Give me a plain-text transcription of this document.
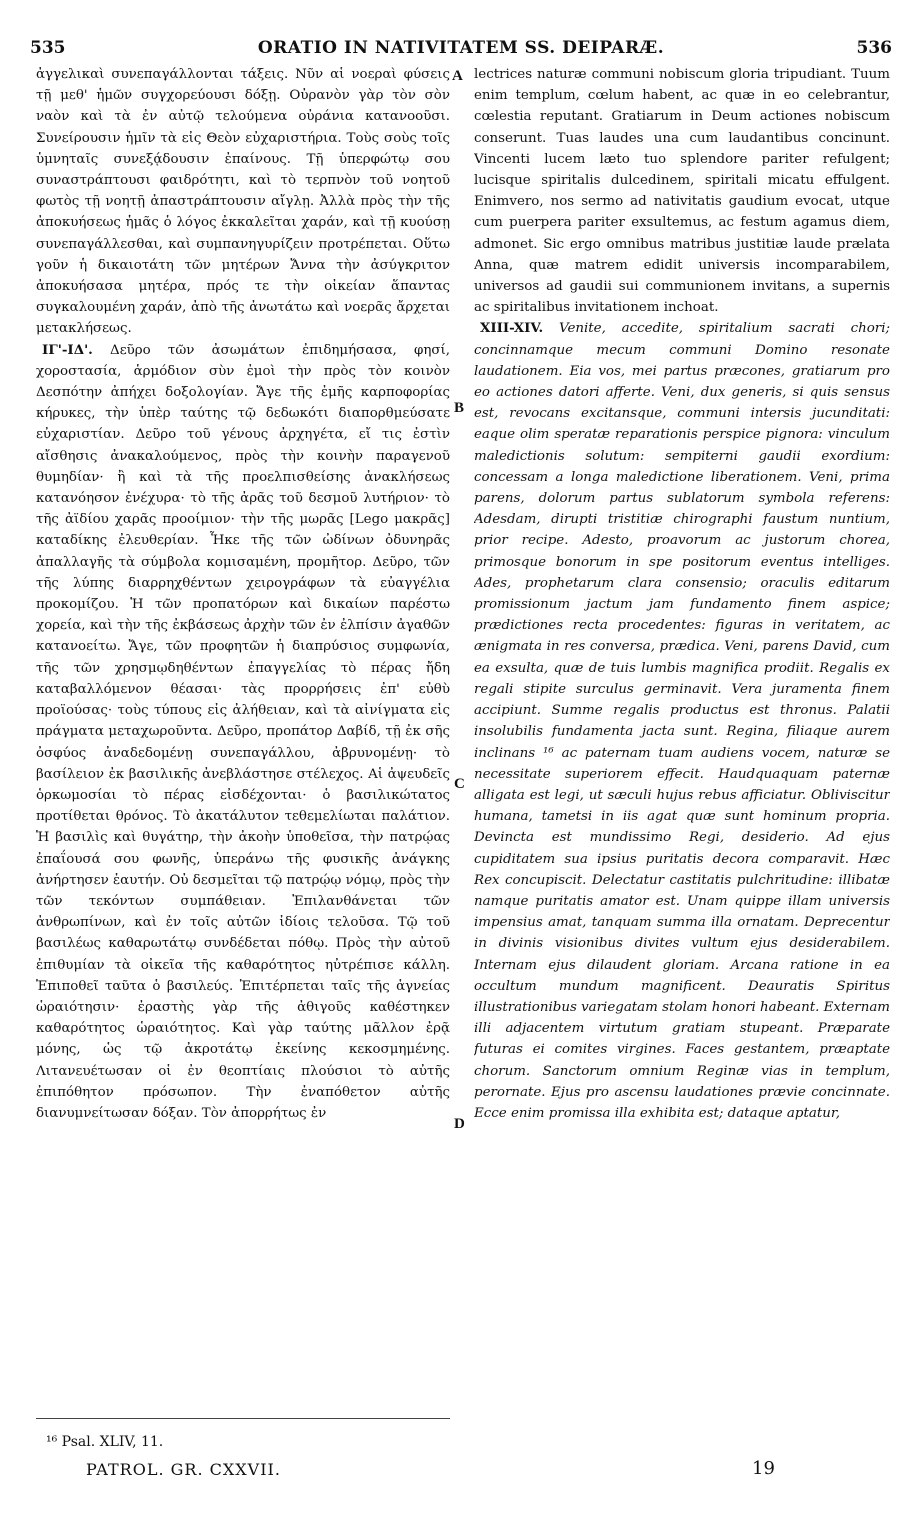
535	ORATIO IN NATIVITATEM SS. DEIPARÆ.	536

ἀγγελικαὶ συνεπαγάλλονται τάξεις. Νῦν αἱ νοεραὶ φύσεις τῇ μεθ' ἡμῶν συγχορεύουσι δόξῃ. Οὐρανὸν γὰρ τὸν σὸν ναὸν καὶ τὰ ἐν αὐτῷ τελούμενα οὐράνια κατανοοῦσι. Συνείρουσιν ἡμῖν τὰ εἰς Θεὸν εὐχαριστήρια. Τοὺς σοὺς τοῖς ὑμνηταῖς συνεξᾴδουσιν ἐπαίνους. Τῇ ὑπερφώτῳ σου συναστράπτουσι φαιδρότητι, καὶ τὸ τερπνὸν τοῦ νοητοῦ φωτὸς τῇ νοητῇ ἀπαστράπτουσιν αἴγλῃ. Ἀλλὰ πρὸς τὴν τῆς ἀποκυήσεως ἡμᾶς ὁ λόγος ἐκκαλεῖται χαράν, καὶ τῇ κυούσῃ συνεπαγάλλεσθαι, καὶ συμπανηγυρίζειν προτρέπεται. Οὕτω γοῦν ἡ δικαιοτάτη τῶν μητέρων Ἄννα τὴν ἀσύγκριτον ἀποκυήσασα μητέρα, πρός τε τὴν οἰκείαν ἅπαντας συγκαλουμένη χαράν, ἀπὸ τῆς ἀνωτάτω καὶ νοερᾶς ἄρχεται μετακλήσεως.

ΙΓ'-ΙΔ'. Δεῦρο τῶν ἀσωμάτων ἐπιδημήσασα, φησί, χοροστασία, ἁρμόδιον σὺν ἐμοὶ τὴν πρὸς τὸν κοινὸν Δεσπότην ἀπήχει δοξολογίαν. Ἄγε τῆς ἐμῆς καρποφορίας κήρυκες, τὴν ὑπὲρ ταύτης τῷ δεδωκότι διαπορθμεύσατε εὐχαριστίαν. Δεῦρο τοῦ γένους ἀρχηγέτα, εἴ τις ἐστὶν αἴσθησις ἀνακαλούμενος, πρὸς τὴν κοινὴν παραγενοῦ θυμηδίαν· ἢ καὶ τὰ τῆς προελπισθείσης ἀνακλήσεως κατανόησον ἐνέχυρα· τὸ τῆς ἀρᾶς τοῦ δεσμοῦ λυτήριον· τὸ τῆς ἀϊδίου χαρᾶς προοίμιον· τὴν τῆς μωρᾶς [Lego μακρᾶς] καταδίκης ἐλευθερίαν. Ἧκε τῆς τῶν ὠδίνων ὀδυνηρᾶς ἀπαλλαγῆς τὰ σύμβολα κομισαμένη, προμῆτορ. Δεῦρο, τῶν τῆς λύπης διαρρηχθέντων χειρογράφων τὰ εὐαγγέλια προκομίζου. Ἡ τῶν προπατόρων καὶ δικαίων παρέστω χορεία, καὶ τὴν τῆς ἐκβάσεως ἀρχὴν τῶν ἐν ἐλπίσιν ἀγαθῶν κατανοείτω. Ἄγε, τῶν προφητῶν ἡ διαπρύσιος συμφωνία, τῆς τῶν χρησμῳδηθέντων ἐπαγγελίας τὸ πέρας ἤδη καταβαλλόμενον θέασαι· τὰς προρρήσεις ἐπ' εὐθὺ προϊούσας· τοὺς τύπους εἰς ἀλήθειαν, καὶ τὰ αἰνίγματα εἰς πράγματα μεταχωροῦντα. Δεῦρο, προπάτορ Δαβίδ, τῇ ἐκ σῆς ὀσφύος ἀναδεδομένῃ συνεπαγάλλου, ἀβρυνομένῃ· τὸ βασίλειον ἐκ βασιλικῆς ἀνεβλάστησε στέλεχος. Αἱ ἀψευδεῖς ὁρκωμοσίαι τὸ πέρας εἰσδέχονται· ὁ βασιλικώτατος προτίθεται θρόνος. Τὸ ἀκατάλυτον τεθεμελίωται παλάτιον. Ἡ βασιλὶς καὶ θυγάτηρ, τὴν ἀκοὴν ὑποθεῖσα, τὴν πατρῴας ἐπαΐουσά σου φωνῆς, ὑπεράνω τῆς φυσικῆς ἀνάγκης ἀνήρτησεν ἑαυτήν. Οὐ δεσμεῖται τῷ πατρῴῳ νόμῳ, πρὸς τὴν τῶν τεκόντων συμπάθειαν. Ἐπιλανθάνεται τῶν ἀνθρωπίνων, καὶ ἐν τοῖς αὐτῶν ἰδίοις τελοῦσα. Τῷ τοῦ βασιλέως καθαρωτάτῳ συνδέδεται πόθῳ. Πρὸς τὴν αὐτοῦ ἐπιθυμίαν τὰ οἰκεῖα τῆς καθαρότητος ηὐτρέπισε κάλλη. Ἐπιποθεῖ ταῦτα ὁ βασιλεύς. Ἐπιτέρπεται ταῖς τῆς ἁγνείας ὡραιότησιν· ἐραστὴς γὰρ τῆς ἀθιγοῦς καθέστηκεν καθαρότητος ὡραιότητος. Καὶ γὰρ ταύτης μᾶλλον ἐρᾷ μόνης, ὡς τῷ ἀκροτάτῳ ἐκείνης κεκοσμημένης. Λιτανευέτωσαν οἱ ἐν θεοπτίαις πλούσιοι τὸ αὐτῆς ἐπιπόθητον πρόσωπον. Τὴν ἐναπόθετον αὐτῆς διανυμνείτωσαν δόξαν. Τὸν ἀπορρήτως ἐν

lectrices naturæ communi nobiscum gloria tripudiant. Tuum enim templum, cœlum habent, ac quæ in eo celebrantur, cœlestia reputant. Gratiarum in Deum actiones nobiscum conserunt. Tuas laudes una cum laudantibus concinunt. Vincenti lucem læto tuo splendore pariter refulgent; lucisque spiritalis dulcedinem, spiritali micatu effulgent. Enimvero, nos sermo ad nativitatis gaudium evocat, utque cum puerpera pariter exsultemus, ac festum agamus diem, admonet. Sic ergo omnibus matribus justitiæ laude prælata Anna, quæ matrem edidit universis incomparabilem, universos ad gaudii sui communionem invitans, a supernis ac spiritalibus invitationem inchoat.

XIII-XIV. Venite, accedite, spiritalium sacrati chori; concinnamque mecum communi Domino resonate laudationem. Eia vos, mei partus præcones, gratiarum pro eo actiones datori afferte. Veni, dux generis, si quis sensus est, revocans excitansque, communi intersis jucunditati: eaque olim speratæ reparationis perspice pignora: vinculum maledictionis solutum: sempiterni gaudii exordium: concessam a longa maledictione liberationem. Veni, prima parens, dolorum partus sublatorum symbola referens: Adesdam, dirupti tristitiæ chirographi faustum nuntium, prior recipe. Adesto, proavorum ac justorum chorea, primosque bonorum in spe positorum eventus intelliges. Ades, prophetarum clara consensio; oraculis editarum promissionum jactum jam fundamento finem aspice; prædictiones recta procedentes: figuras in veritatem, ac ænigmata in res conversa, prædica. Veni, parens David, cum ea exsulta, quæ de tuis lumbis magnifica prodiit. Regalis ex regali stipite surculus germinavit. Vera juramenta finem accipiunt. Summe regalis productus est thronus. Palatii insolubilis fundamenta jacta sunt. Regina, filiaque aurem inclinans ¹⁶ ac paternam tuam audiens vocem, naturæ se necessitate superiorem effecit. Haudquaquam paternæ alligata est legi, ut sæculi hujus rebus afficiatur. Obliviscitur humana, tametsi in iis agat quæ sunt hominum propria. Devincta est mundissimo Regi, desiderio. Ad ejus cupiditatem sua ipsius puritatis decora comparavit. Hæc Rex concupiscit. Delectatur castitatis pulchritudine: illibatæ namque puritatis amator est. Unam quippe illam universis impensius amat, tanquam summa illa ornatam. Deprecentur in divinis visionibus divites vultum ejus desiderabilem. Internam ejus dilaudent gloriam. Arcana ratione in ea occultum mundum magnificent. Deauratis Spiritus illustrationibus variegatam stolam honori habeant. Externam illi adjacentem virtutum gratiam stupeant. Præparate futuras ei comites virgines. Faces gestantem, præaptate chorum. Sanctorum omnium Reginæ vias in templum, perornate. Ejus pro ascensu laudationes prævie concinnate. Ecce enim promissa illa exhibita est; dataque aptatur,

A
B
C
D
¹⁶ Psal. XLIV, 11.
PATROL. GR. CXXVII.	19
